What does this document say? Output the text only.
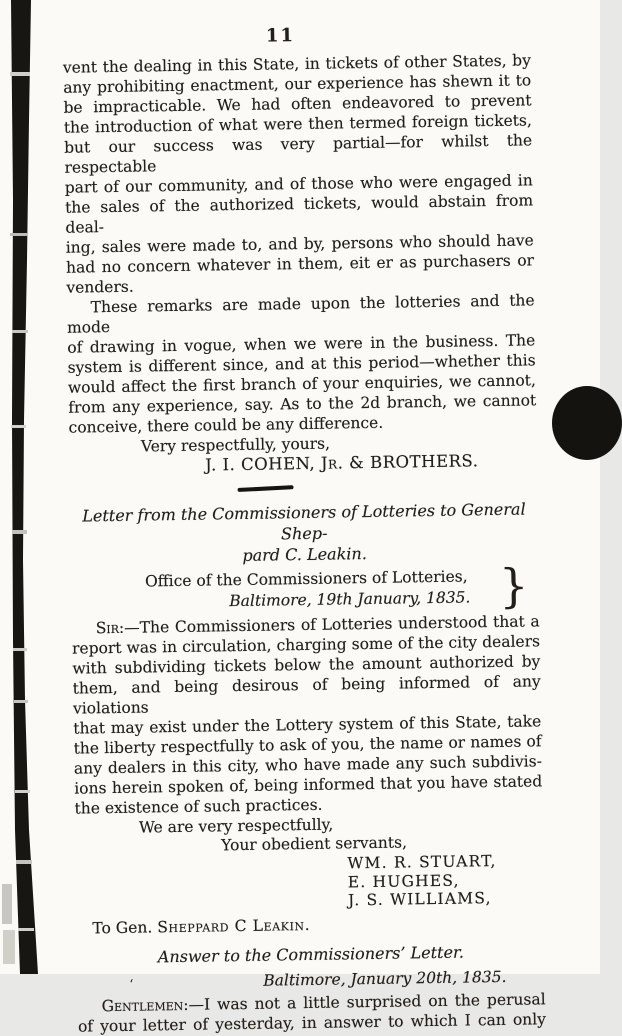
11
vent the dealing in this State, in tickets of other States, by
any prohibiting enactment, our experience has shewn it to
be impracticable. We had often endeavored to prevent
the introduction of what were then termed foreign tickets,
but our success was very partial—for whilst the respectable
part of our community, and of those who were engaged in
the sales of the authorized tickets, would abstain from deal-
ing, sales were made to, and by, persons who should have
had no concern whatever in them, eit er as purchasers or
venders.
These remarks are made upon the lotteries and the mode
of drawing in vogue, when we were in the business. The
system is different since, and at this period—whether this
would affect the first branch of your enquiries, we cannot,
from any experience, say. As to the 2d branch, we cannot
conceive, there could be any difference.
Very respectfully, yours,
J. I. COHEN, Jr. & BROTHERS.
Letter from the Commissioners of Lotteries to General Shep-
pard C. Leakin.
Office of the Commissioners of Lotteries,
Baltimore, 19th January, 1835. }
Sir:—The Commissioners of Lotteries understood that a
report was in circulation, charging some of the city dealers
with subdividing tickets below the amount authorized by
them, and being desirous of being informed of any violations
that may exist under the Lottery system of this State, take
the liberty respectfully to ask of you, the name or names of
any dealers in this city, who have made any such subdivis-
ions herein spoken of, being informed that you have stated
the existence of such practices.
We are very respectfully,
Your obedient servants,
WM. R. STUART,
E. HUGHES,
J. S. WILLIAMS,
To Gen. Sheppard C Leakin.
Answer to the Commissioners’ Letter.
‘	Baltimore, January 20th, 1835.
Gentlemen:—I was not a little surprised on the perusal
of your letter of yesterday, in answer to which I can only
